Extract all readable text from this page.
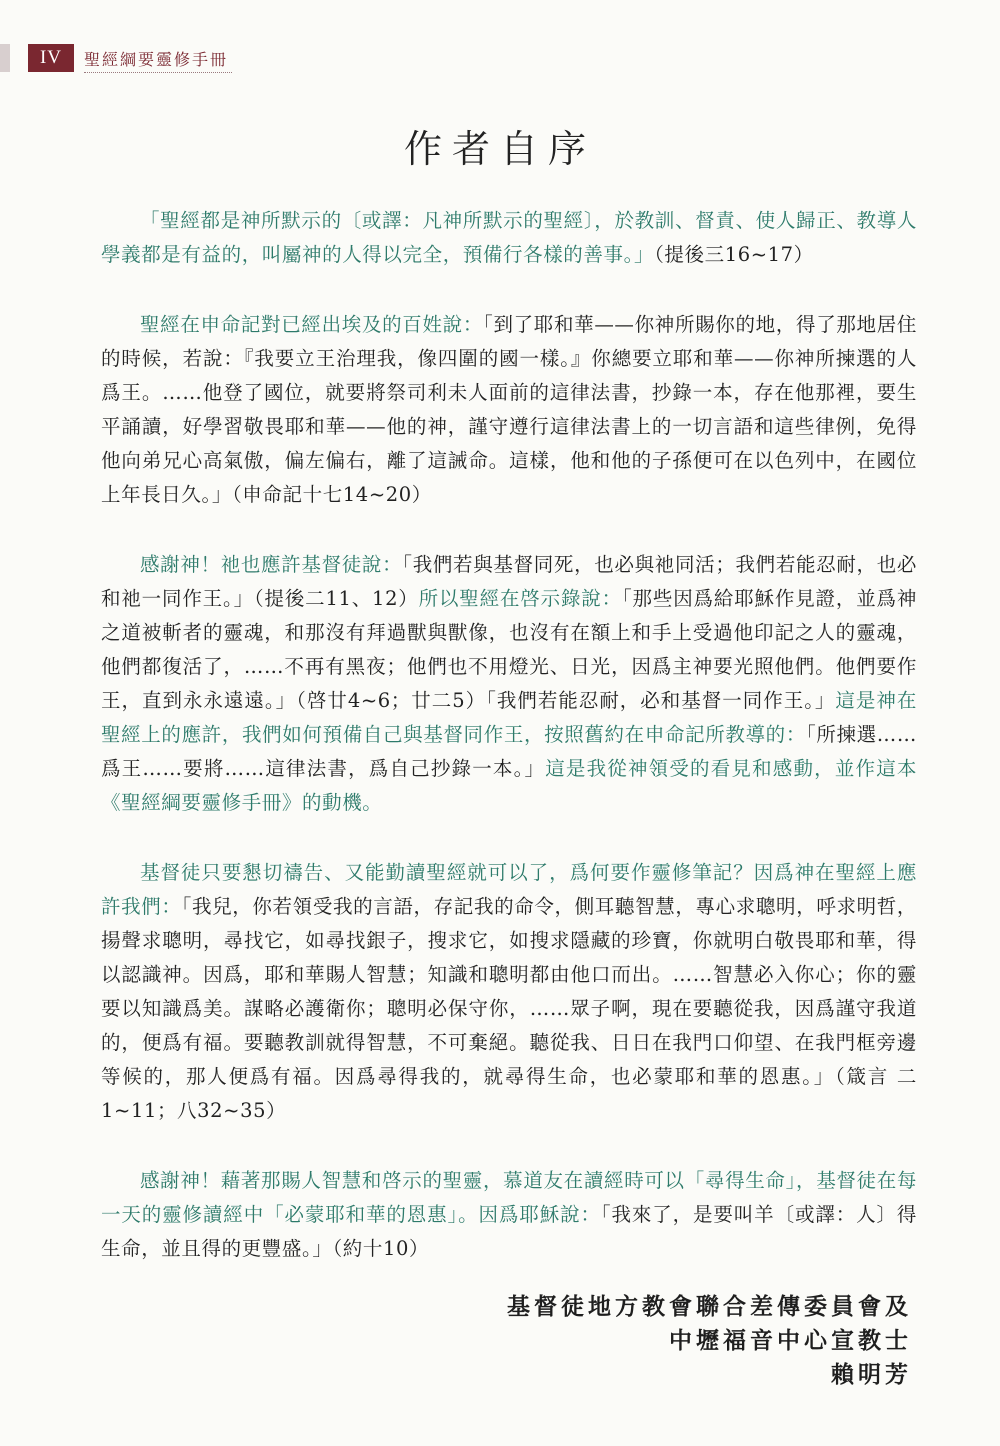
IV	聖經綱要靈修手冊
作者自序

「聖經都是神所默示的〔或譯：凡神所默示的聖經〕，於教訓、督責、使人歸正、教導人學義都是有益的，叫屬神的人得以完全，預備行各樣的善事。」（提後三16~17）

聖經在申命記對已經出埃及的百姓說：「到了耶和華——你神所賜你的地，得了那地居住的時候，若說：『我要立王治理我，像四圍的國一樣。』你總要立耶和華——你神所揀選的人爲王。……他登了國位，就要將祭司利未人面前的這律法書，抄錄一本，存在他那裡，要生平誦讀，好學習敬畏耶和華——他的神，謹守遵行這律法書上的一切言語和這些律例，免得他向弟兄心高氣傲，偏左偏右，離了這誡命。這樣，他和他的子孫便可在以色列中，在國位上年長日久。」（申命記十七14~20）

感謝神！祂也應許基督徒說：「我們若與基督同死，也必與祂同活；我們若能忍耐，也必和祂一同作王。」（提後二11、12）所以聖經在啓示錄說：「那些因爲給耶穌作見證，並爲神之道被斬者的靈魂，和那沒有拜過獸與獸像，也沒有在額上和手上受過他印記之人的靈魂，他們都復活了，……不再有黑夜；他們也不用燈光、日光，因爲主神要光照他們。他們要作王，直到永永遠遠。」（啓廿4~6；廿二5）「我們若能忍耐，必和基督一同作王。」這是神在聖經上的應許，我們如何預備自己與基督同作王，按照舊約在申命記所教導的：「所揀選……爲王……要將……這律法書，爲自己抄錄一本。」這是我從神領受的看見和感動，並作這本《聖經綱要靈修手冊》的動機。

基督徒只要懇切禱告、又能勤讀聖經就可以了，爲何要作靈修筆記？因爲神在聖經上應許我們：「我兒，你若領受我的言語，存記我的命令，側耳聽智慧，專心求聰明，呼求明哲，揚聲求聰明，尋找它，如尋找銀子，搜求它，如搜求隱藏的珍寶，你就明白敬畏耶和華，得以認識神。因爲，耶和華賜人智慧；知識和聰明都由他口而出。……智慧必入你心；你的靈要以知識爲美。謀略必護衛你；聰明必保守你，……眾子啊，現在要聽從我，因爲謹守我道的，便爲有福。要聽教訓就得智慧，不可棄絕。聽從我、日日在我門口仰望、在我門框旁邊等候的，那人便爲有福。因爲尋得我的，就尋得生命，也必蒙耶和華的恩惠。」（箴言 二1~11；八32~35）

感謝神！藉著那賜人智慧和啓示的聖靈，慕道友在讀經時可以「尋得生命」，基督徒在每一天的靈修讀經中「必蒙耶和華的恩惠」。因爲耶穌說：「我來了，是要叫羊〔或譯：人〕得生命，並且得的更豐盛。」（約十10）

基督徒地方教會聯合差傳委員會及
中壢福音中心宣教士
賴明芳
